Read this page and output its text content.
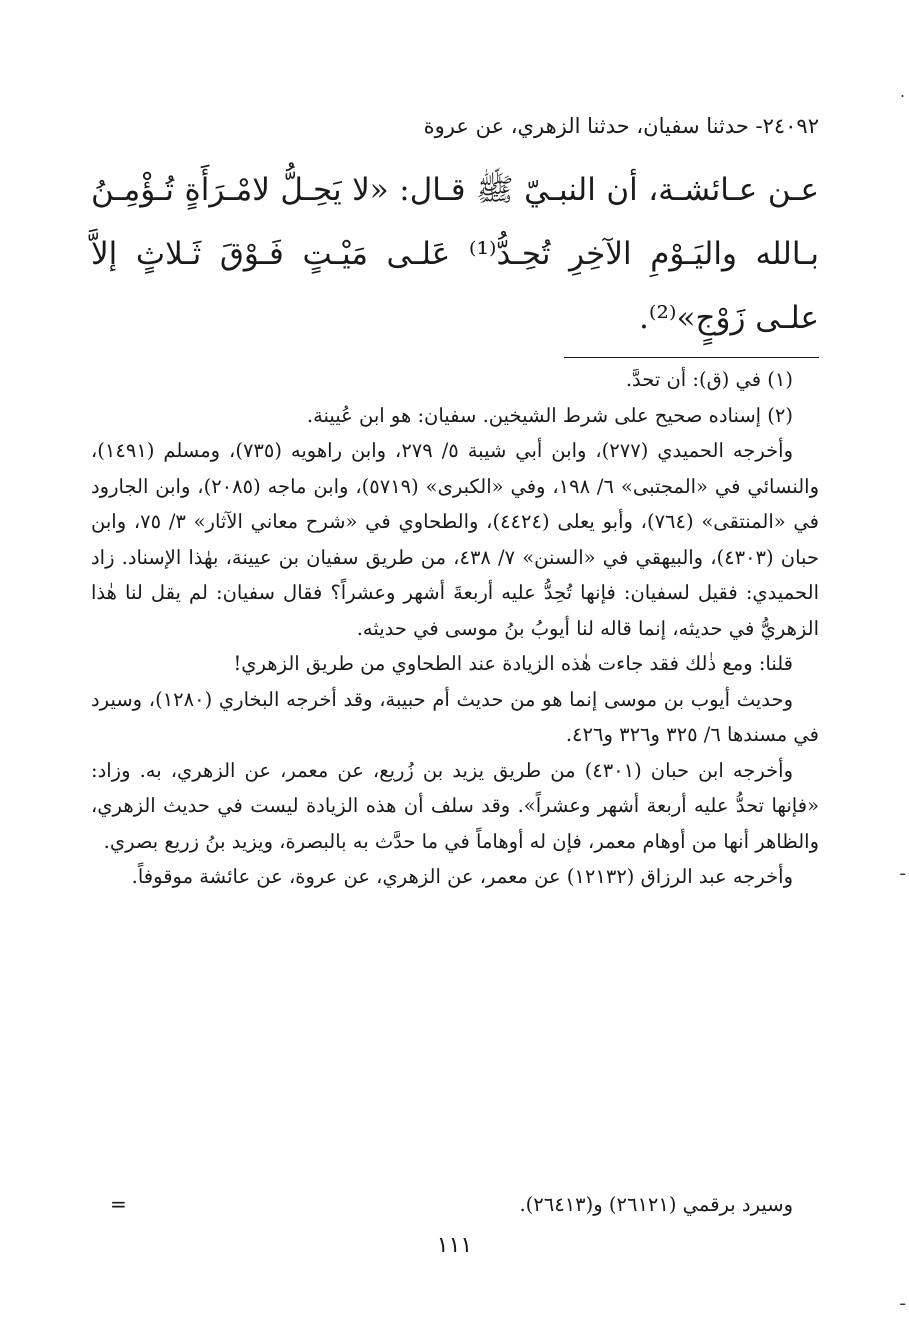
.
٢٤٠٩٢- حدثنا سفيان، حدثنا الزهري، عن عروة
عـن عـائشـة، أن النبـيّ ﷺ قـال: «لا يَحِـلُّ لامْـرَأَةٍ تُـؤْمِـنُ بـالله واليَـوْمِ الآخِرِ تُحِـدُّ⁽¹⁾ عَلـى مَيْـتٍ فَـوْقَ ثَـلاثٍ إلاَّ علـى زَوْجٍ»⁽²⁾.

(١) في (ق): أن تحدَّ.

(٢) إسناده صحيح على شرط الشيخين. سفيان: هو ابن عُيينة.

وأخرجه الحميدي (٢٧٧)، وابن أبي شيبة ٥/ ٢٧٩، وابن راهويه (٧٣٥)، ومسلم (١٤٩١)، والنسائي في «المجتبى» ٦/ ١٩٨، وفي «الكبرى» (٥٧١٩)، وابن ماجه (٢٠٨٥)، وابن الجارود في «المنتقى» (٧٦٤)، وأبو يعلى (٤٤٢٤)، والطحاوي في «شرح معاني الآثار» ٣/ ٧٥، وابن حبان (٤٣٠٣)، والبيهقي في «السنن» ٧/ ٤٣٨، من طريق سفيان بن عيينة، بهٰذا الإسناد. زاد الحميدي: فقيل لسفيان: فإنها تُحِدُّ عليه أربعةَ أشهر وعشراً؟ فقال سفيان: لم يقل لنا هٰذا الزهريُّ في حديثه، إنما قاله لنا أيوبُ بنُ موسى في حديثه.

قلنا: ومع ذٰلك فقد جاءت هٰذه الزيادة عند الطحاوي من طريق الزهري!

وحديث أيوب بن موسى إنما هو من حديث أم حبيبة، وقد أخرجه البخاري (١٢٨٠)، وسيرد في مسندها ٦/ ٣٢٥ و٣٢٦ و٤٢٦.

وأخرجه ابن حبان (٤٣٠١) من طريق يزيد بن زُريع، عن معمر، عن الزهري، به. وزاد: «فإنها تحدُّ عليه أربعة أشهر وعشراً». وقد سلف أن هذه الزيادة ليست في حديث الزهري، والظاهر أنها من أوهام معمر، فإن له أوهاماً في ما حدَّث به بالبصرة، ويزيد بنُ زريع بصري.

وأخرجه عبد الرزاق (١٢١٣٢) عن معمر، عن الزهري، عن عروة، عن عائشة موقوفاً.	ـ
وسيرد برقمي (٢٦١٢١) و(٢٦٤١٣).
=
١١١
ـ
